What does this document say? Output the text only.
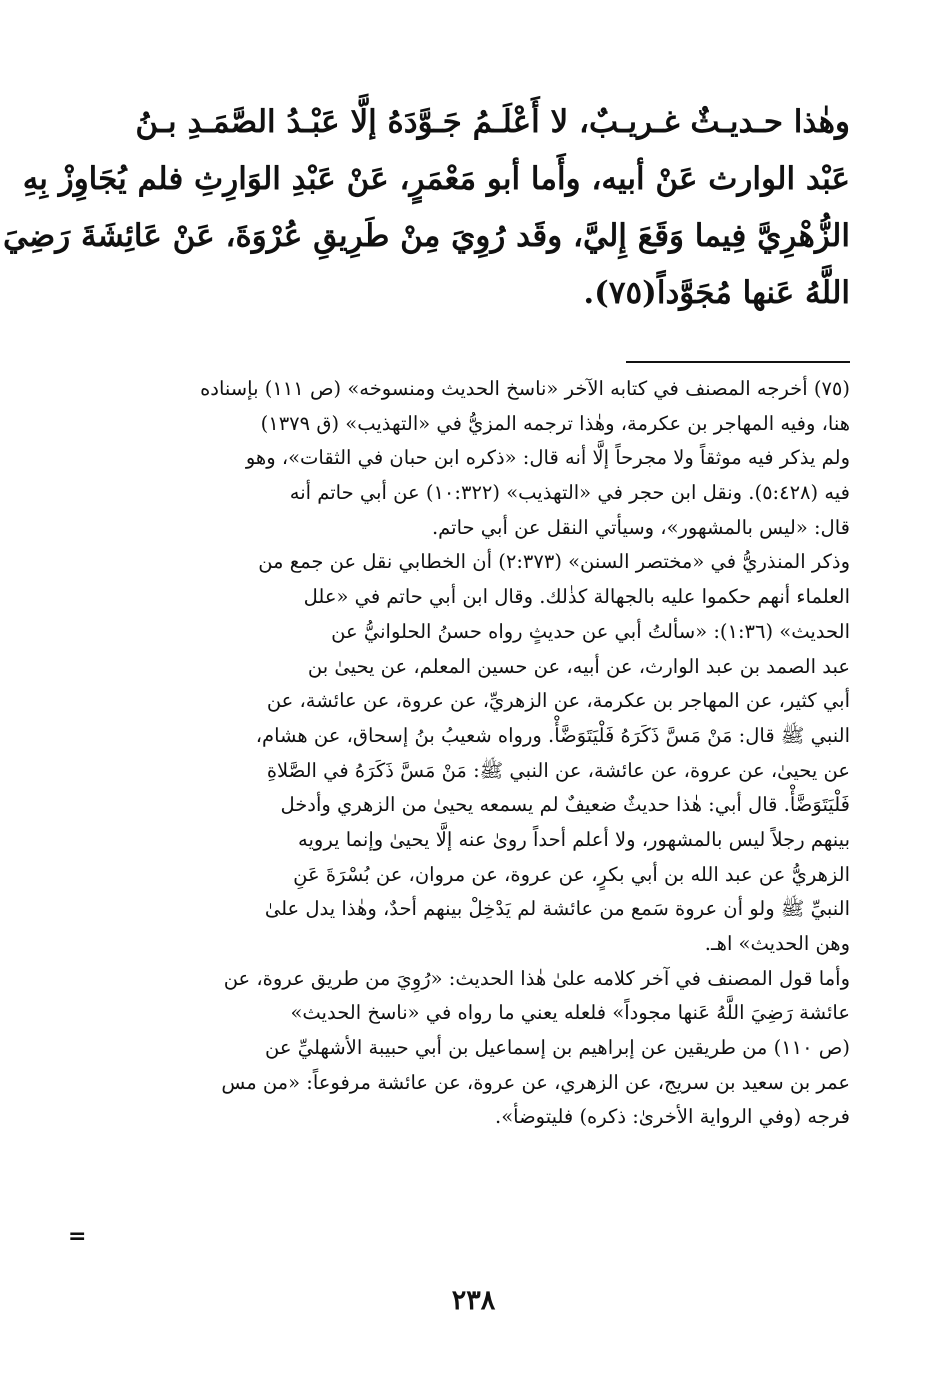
وهٰذا حـديـثٌ غـريـبٌ، لا أَعْلَـمُ جَـوَّدَهُ إلَّا عَبْـدُ الصَّمَـدِ بـنُ
عَبْد الوارث عَنْ أبيه، وأَما أبو مَعْمَرٍ، عَنْ عَبْدِ الوَارِثِ فلم يُجَاوِزْ بِهِ
الزُّهْرِيَّ فِيما وَقَعَ إِليَّ، وقَد رُوِيَ مِنْ طَرِيقِ عُرْوَةَ، عَنْ عَائِشَةَ رَضِيَ
اللَّهُ عَنها مُجَوَّداً(٧٥).
(٧٥) أخرجه المصنف في كتابه الآخر «ناسخ الحديث ومنسوخه» (ص ١١١) بإسناده
هنا، وفيه المهاجر بن عكرمة، وهٰذا ترجمه المزيُّ في «التهذيب» (ق ١٣٧٩)
ولم يذكر فيه موثقاً ولا مجرحاً إلَّا أنه قال: «ذكره ابن حبان في الثقات»، وهو
فيه (٥:٤٢٨). ونقل ابن حجر في «التهذيب» (١٠:٣٢٢) عن أبي حاتم أنه
قال: «ليس بالمشهور»، وسيأتي النقل عن أبي حاتم.
وذكر المنذريُّ في «مختصر السنن» (٢:٣٧٣) أن الخطابي نقل عن جمع من
العلماء أنهم حكموا عليه بالجهالة كذٰلك. وقال ابن أبي حاتم في «علل
الحديث» (١:٣٦): «سألتُ أبي عن حديثٍ رواه حسنُ الحلوانيُّ عن
عبد الصمد بن عبد الوارث، عن أبيه، عن حسين المعلم، عن يحيىٰ بن
أبي كثير، عن المهاجر بن عكرمة، عن الزهريِّ، عن عروة، عن عائشة، عن
النبي ﷺ قال: مَنْ مَسَّ ذَكَرَهُ فَلْيَتَوَضَّأْ. ورواه شعيبُ بنُ إسحاق، عن هشام،
عن يحيىٰ، عن عروة، عن عائشة، عن النبي ﷺ: مَنْ مَسَّ ذَكَرَهُ في الصَّلاةِ
فَلْيَتَوَضَّأْ. قال أبي: هٰذا حديثٌ ضعيفٌ لم يسمعه يحيىٰ من الزهري وأدخل
بينهم رجلاً ليس بالمشهور، ولا أعلم أحداً روىٰ عنه إلَّا يحيىٰ وإنما يرويه
الزهريُّ عن عبد الله بن أبي بكرٍ، عن عروة، عن مروان، عن بُسْرَةَ عَنِ
النبيِّ ﷺ ولو أن عروة سَمع من عائشة لم يَدْخِلْ بينهم أحدٌ، وهٰذا يدل علىٰ
وهن الحديث» اهـ.
وأما قول المصنف في آخر كلامه علىٰ هٰذا الحديث: «رُوِيَ من طريق عروة، عن
عائشة رَضِيَ اللَّهُ عَنها مجوداً» فلعله يعني ما رواه في «ناسخ الحديث»
(ص ١١٠) من طريقين عن إبراهيم بن إسماعيل بن أبي حبيبة الأشهليِّ عن
عمر بن سعيد بن سريج، عن الزهري، عن عروة، عن عائشة مرفوعاً: «من مس
فرجه (وفي الرواية الأخرىٰ: ذكره) فليتوضأ».
=
٢٣٨
